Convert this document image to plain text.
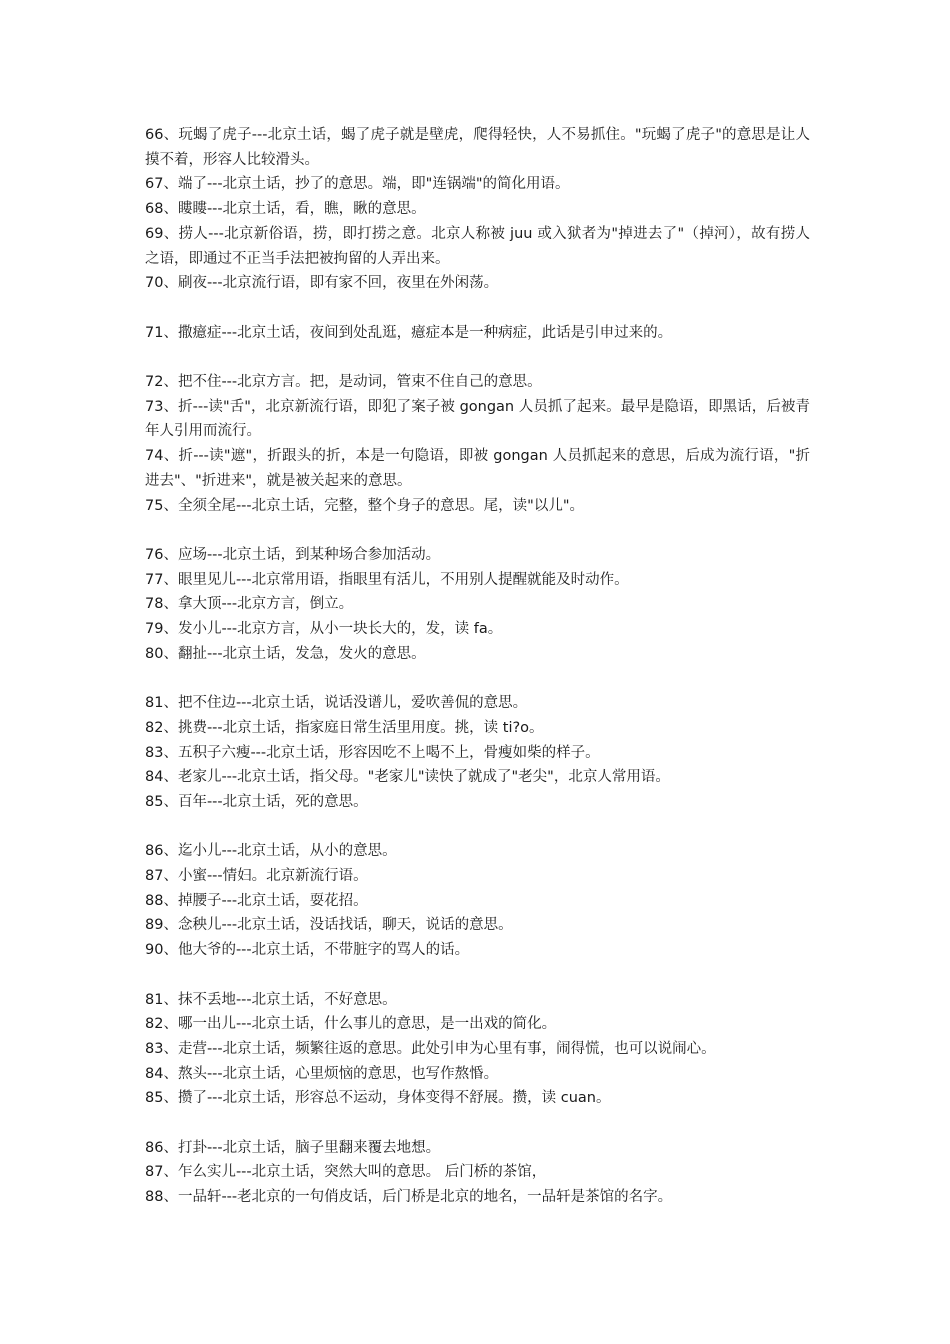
66、玩蝎了虎子---北京土话，蝎了虎子就是壁虎，爬得轻快，人不易抓住。"玩蝎了虎子"的意思是让人摸不着，形容人比较滑头。

67、端了---北京土话，抄了的意思。端，即"连锅端"的简化用语。

68、瞜瞜---北京土话，看，瞧，瞅的意思。

69、捞人---北京新俗语，捞，即打捞之意。北京人称被 juu 或入狱者为"掉进去了"（掉河），故有捞人之语，即通过不正当手法把被拘留的人弄出来。

70、刷夜---北京流行语，即有家不回，夜里在外闲荡。

71、撒癔症---北京土话，夜间到处乱逛，癔症本是一种病症，此话是引申过来的。

72、把不住---北京方言。把，是动词，管束不住自己的意思。

73、折---读"舌"，北京新流行语，即犯了案子被 gongan 人员抓了起来。最早是隐语，即黑话，后被青年人引用而流行。

74、折---读"遮"，折跟头的折，本是一句隐语，即被 gongan 人员抓起来的意思，后成为流行语，"折进去"、"折进来"，就是被关起来的意思。

75、全须全尾---北京土话，完整，整个身子的意思。尾，读"以儿"。

76、应场---北京土话，到某种场合参加活动。

77、眼里见儿---北京常用语，指眼里有活儿，不用别人提醒就能及时动作。

78、拿大顶---北京方言，倒立。

79、发小儿---北京方言，从小一块长大的，发，读 fa。

80、翻扯---北京土话，发急，发火的意思。

81、把不住边---北京土话，说话没谱儿，爱吹善侃的意思。

82、挑费---北京土话，指家庭日常生活里用度。挑，读 ti?o。

83、五积子六瘦---北京土话，形容因吃不上喝不上，骨瘦如柴的样子。

84、老家儿---北京土话，指父母。"老家儿"读快了就成了"老尖"，北京人常用语。

85、百年---北京土话，死的意思。

86、迄小儿---北京土话，从小的意思。

87、小蜜---情妇。北京新流行语。

88、掉腰子---北京土话，耍花招。

89、念秧儿---北京土话，没话找话，聊天，说话的意思。

90、他大爷的---北京土话，不带脏字的骂人的话。

81、抹不丢地---北京土话，不好意思。

82、哪一出儿---北京土话，什么事儿的意思，是一出戏的简化。

83、走营---北京土话，频繁往返的意思。此处引申为心里有事，闹得慌，也可以说闹心。

84、熬头---北京土话，心里烦恼的意思，也写作熬惛。

85、攒了---北京土话，形容总不运动，身体变得不舒展。攒，读 cuan。

86、打卦---北京土话，脑子里翻来覆去地想。

87、乍么实儿---北京土话，突然大叫的意思。 后门桥的茶馆，

88、一品轩---老北京的一句俏皮话，后门桥是北京的地名，一品轩是茶馆的名字。
